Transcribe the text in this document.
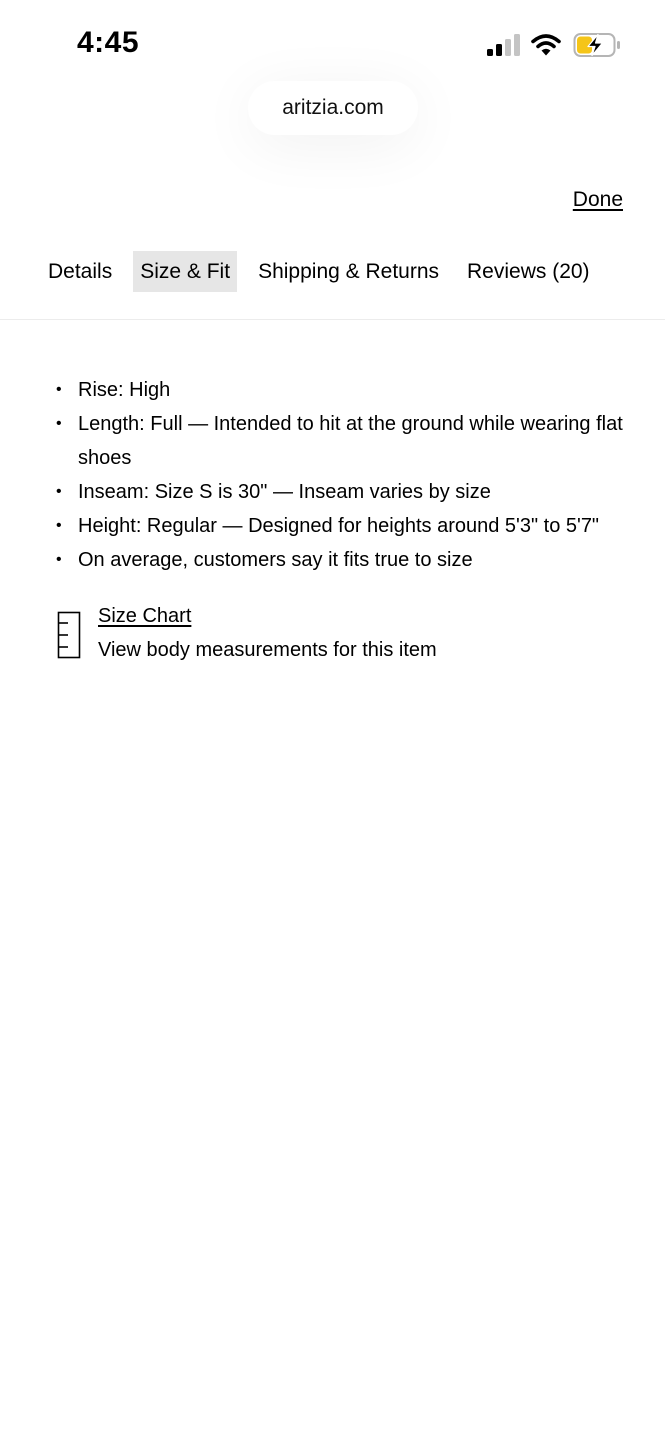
4:45
aritzia.com
Done
Details	Size & Fit	Shipping & Returns	Reviews (20)
• Rise: High
• Length: Full — Intended to hit at the ground while wearing flat shoes
• Inseam: Size S is 30" — Inseam varies by size
• Height: Regular — Designed for heights around 5'3" to 5'7"
• On average, customers say it fits true to size
Size Chart
View body measurements for this item
